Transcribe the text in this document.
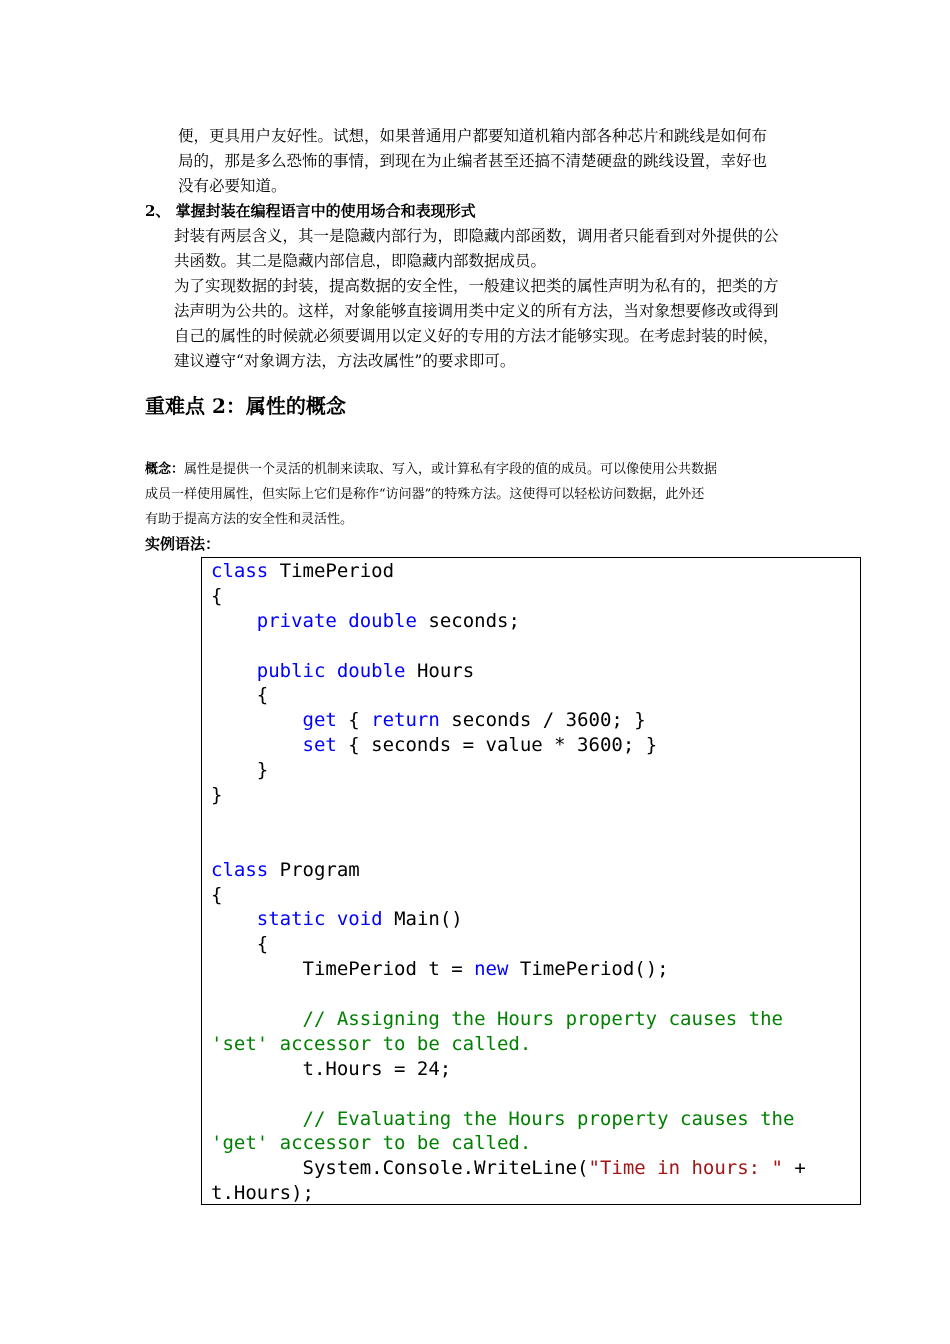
便，更具用户友好性。试想，如果普通用户都要知道机箱内部各种芯片和跳线是如何布
局的，那是多么恐怖的事情，到现在为止编者甚至还搞不清楚硬盘的跳线设置，幸好也
没有必要知道。
2、 掌握封装在编程语言中的使用场合和表现形式
封装有两层含义，其一是隐藏内部行为，即隐藏内部函数，调用者只能看到对外提供的公
共函数。其二是隐藏内部信息，即隐藏内部数据成员。
为了实现数据的封装，提高数据的安全性，一般建议把类的属性声明为私有的，把类的方
法声明为公共的。这样，对象能够直接调用类中定义的所有方法，当对象想要修改或得到
自己的属性的时候就必须要调用以定义好的专用的方法才能够实现。在考虑封装的时候，
建议遵守“对象调方法，方法改属性”的要求即可。
重难点 2：属性的概念
概念：属性是提供一个灵活的机制来读取、写入，或计算私有字段的值的成员。可以像使用公共数据
成员一样使用属性，但实际上它们是称作“访问器”的特殊方法。这使得可以轻松访问数据，此外还
有助于提高方法的安全性和灵活性。
实例语法：
class TimePeriod
{
private double seconds;

public double Hours
{
get { return seconds / 3600; }
set { seconds = value * 3600; }
}
}

class Program
{
static void Main()
{
TimePeriod t = new TimePeriod();

// Assigning the Hours property causes the
'set' accessor to be called.
t.Hours = 24;

// Evaluating the Hours property causes the
'get' accessor to be called.
System.Console.WriteLine("Time in hours: " +
t.Hours);
